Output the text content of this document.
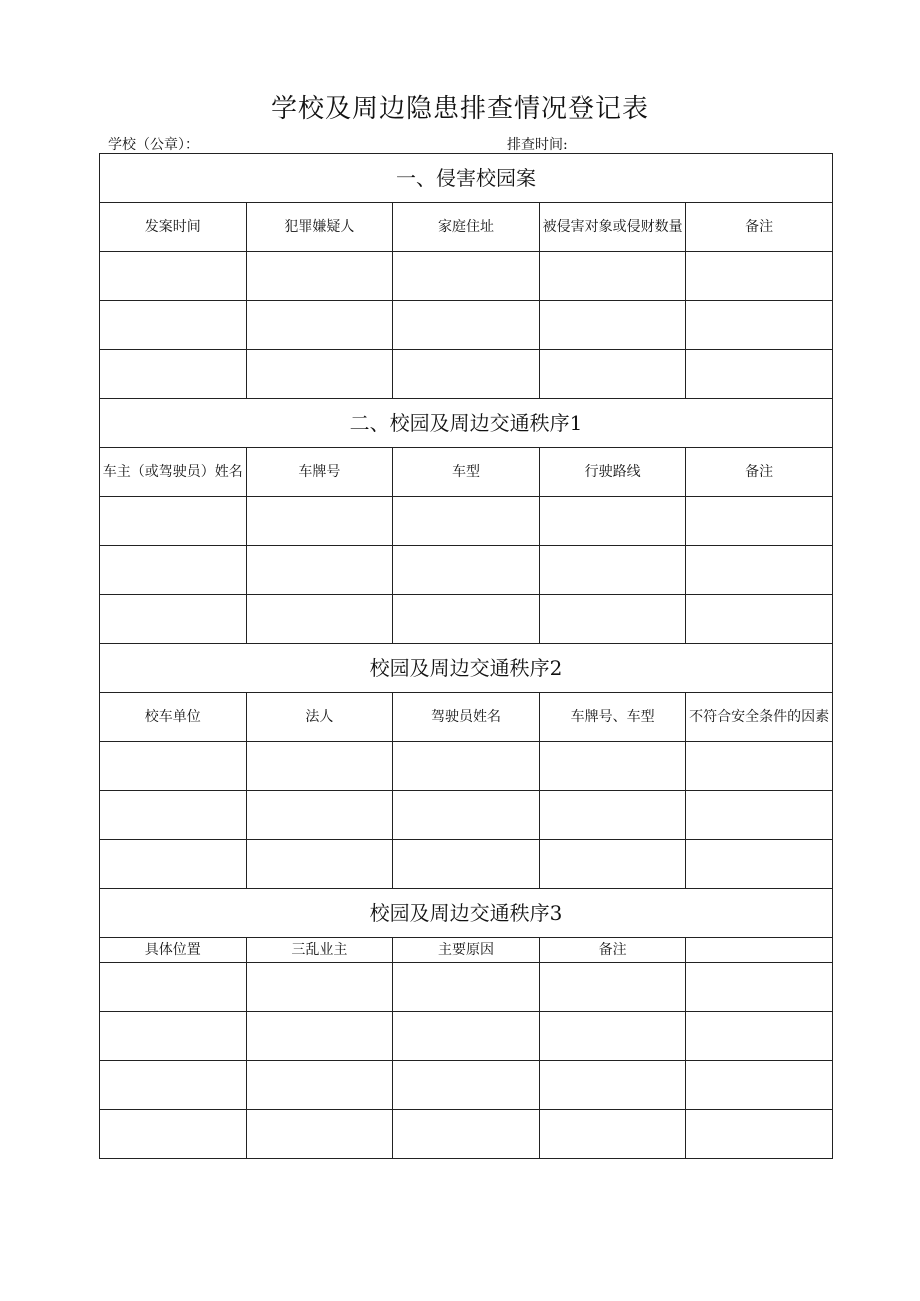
学校及周边隐患排查情况登记表
学校（公章）：	排查时间:
一、侵害校园案				
发案时间	犯罪嫌疑人	家庭住址	被侵害对象或侵财数量	备注

二、校园及周边交通秩序1				
车主（或驾驶员）姓名	车牌号	车型	行驶路线	备注

校园及周边交通秩序2				
校车单位	法人	驾驶员姓名	车牌号、车型	不符合安全条件的因素

校园及周边交通秩序3				
具体位置	三乱业主	主要原因	备注	
